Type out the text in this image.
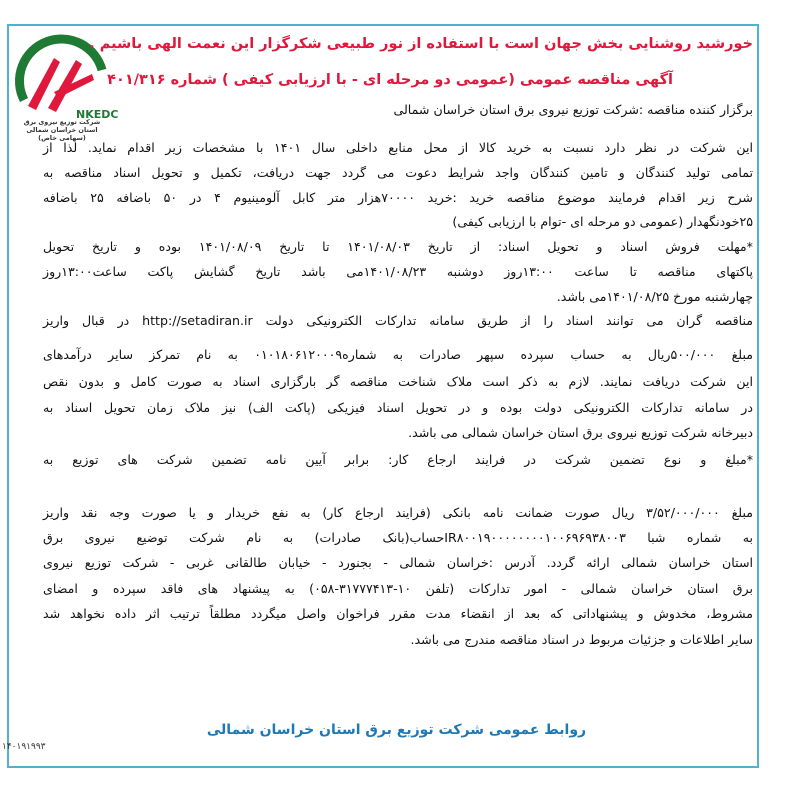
NKEDC
شرکت توزیع نیروی برق استان خراسان شمالی (سهامی خاص)
خورشید روشنایی بخش جهان است با استفاده از نور طبیعی شکرگزار این نعمت الهی باشیم .
آگهی مناقصه عمومی (عمومی دو مرحله ای - با ارزیابی کیفی ) شماره ۴۰۱/۳۱۶
برگزار کننده مناقصه :شرکت توزیع نیروی برق استان خراسان شمالی
این شرکت در نظر دارد نسبت به خرید کالا از محل منابع داخلی سال ۱۴۰۱ با مشخصات زیر اقدام نماید. لذا از
تمامی تولید کنندگان و تامین کنندگان واجد شرایط دعوت می گردد جهت دریافت، تکمیل و تحویل اسناد مناقصه به
شرح زیر اقدام فرمایند موضوع مناقصه خرید :خرید ۷۰۰۰۰هزار متر کابل آلومینیوم ۴ در ۵۰ باضافه ۲۵ باضافه
۲۵خودنگهدار (عمومی دو مرحله ای -توام با ارزیابی کیفی)
*مهلت فروش اسناد و تحویل اسناد: از تاریخ ۱۴۰۱/۰۸/۰۳ تا تاریخ ۱۴۰۱/۰۸/۰۹ بوده و تاریخ تحویل
پاکتهای مناقصه تا ساعت ۱۳:۰۰روز دوشنبه ۱۴۰۱/۰۸/۲۳می باشد تاریخ گشایش پاکت ساعت۱۳:۰۰روز
چهارشنبه مورخ ۱۴۰۱/۰۸/۲۵می باشد.
مناقصه گران می توانند اسناد را از طریق سامانه تدارکات الکترونیکی دولت http://setadiran.ir در قبال واریز
مبلغ ۵۰۰/۰۰۰ریال به حساب سپرده سپهر صادرات به شماره۰۱۰۱۸۰۶۱۲۰۰۰۹ به نام تمرکز سایر درآمدهای
این شرکت دریافت نمایند. لازم به ذکر است ملاک شناخت مناقصه گر بارگزاری اسناد به صورت کامل و بدون نقص
در سامانه تدارکات الکترونیکی دولت بوده و در تحویل اسناد فیزیکی (پاکت الف) نیز ملاک زمان تحویل اسناد به
دبیرخانه شرکت توزیع نیروی برق استان خراسان شمالی می باشد.
*مبلغ و نوع تضمین شرکت در فرایند ارجاع کار: برابر آیین نامه تضمین شرکت های توزیع به
مبلغ ۳/۵۲/۰۰۰/۰۰۰ ریال صورت ضمانت نامه بانکی (فرایند ارجاع کار) به نفع خریدار و یا صورت وجه نقد واریز
به شماره شبا IR۸۰۰۱۹۰۰۰۰۰۰۰۰۱۰۰۶۹۶۹۳۸۰۰۳حساب(بانک صادرات) به نام شرکت توضیع نیروی برق
استان خراسان شمالی ارائه گردد. آدرس :خراسان شمالی - بجنورد - خیابان طالقانی غربی - شرکت توزیع نیروی
برق استان خراسان شمالی - امور تدارکات (تلفن ۱۰-۳۱۷۷۷۴۱۳-۰۵۸) به پیشنهاد های فاقد سپرده و امضای
مشروط، مخدوش و پیشنهاداتی که بعد از انقضاء مدت مقرر فراخوان واصل میگردد مطلقاً ترتیب اثر داده نخواهد شد
سایر اطلاعات و جزئیات مربوط در اسناد مناقصه مندرج می باشد.
روابط عمومی شرکت توزیع برق استان خراسان شمالی
۱۴۰۱۹۱۹۹۳
